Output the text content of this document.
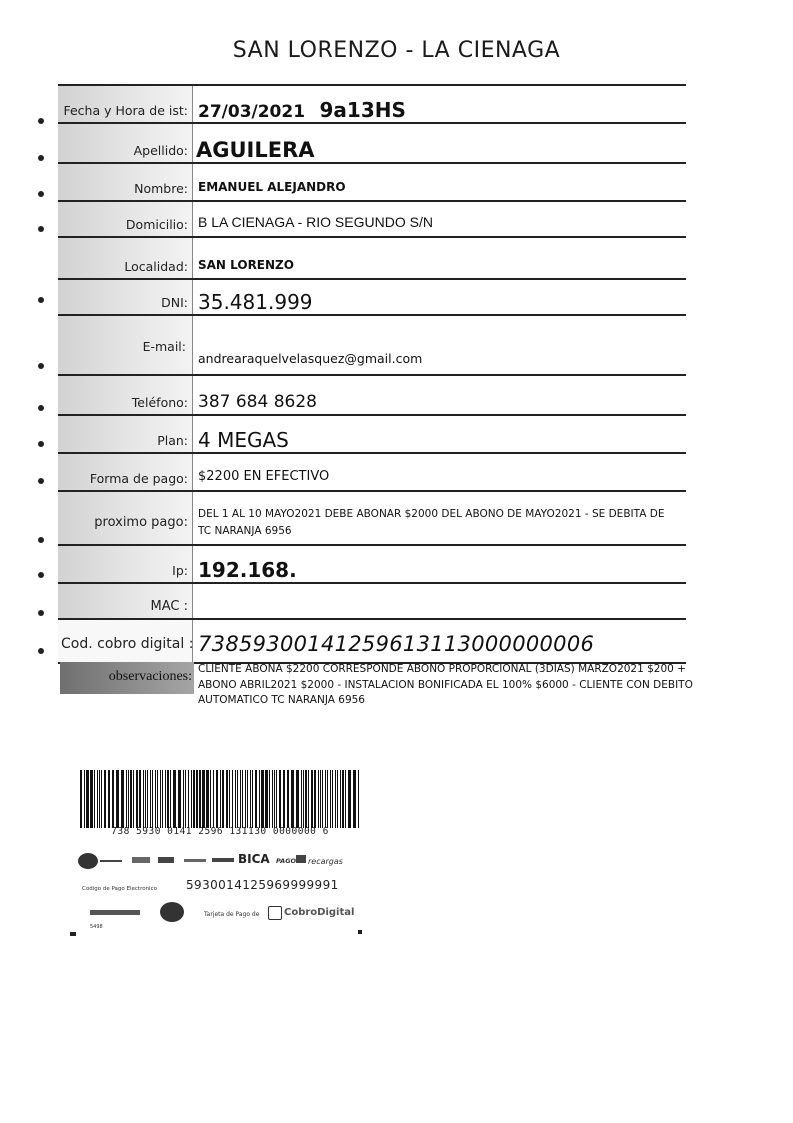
SAN LORENZO - LA CIENAGA
Fecha y Hora de ist: 27/03/2021 9a13HS
Apellido: AGUILERA
Nombre: EMANUEL ALEJANDRO
Domicilio: B LA CIENAGA - RIO SEGUNDO S/N
Localidad: SAN LORENZO
DNI: 35.481.999
E-mail:
andrearaquelvelasquez@gmail.com
Teléfono: 387 684 8628
Plan: 4 MEGAS
Forma de pago: $2200 EN EFECTIVO
proximo pago:
DEL 1 AL 10 MAYO2021 DEBE ABONAR $2000 DEL ABONO DE MAYO2021 - SE DEBITA DE TC NARANJA 6956
Ip: 192.168.
MAC :
Cod. cobro digital : 73859300141259613113000000006
observaciones: CLIENTE ABONA $2200 CORRESPONDE ABONO PROPORCIONAL (3DIAS) MARZO2021 $200 + ABONO ABRIL2021 $2000 - INSTALACION BONIFICADA EL 100% $6000 - CLIENTE CON DEBITO AUTOMATICO TC NARANJA 6956
738 5930 0141 2596 131130 0000000 6
BICA PAGO recargas
Codigo de Pago Electronico 5930014125969999991
Tarjeta de Pago de CobroDigital
5498
